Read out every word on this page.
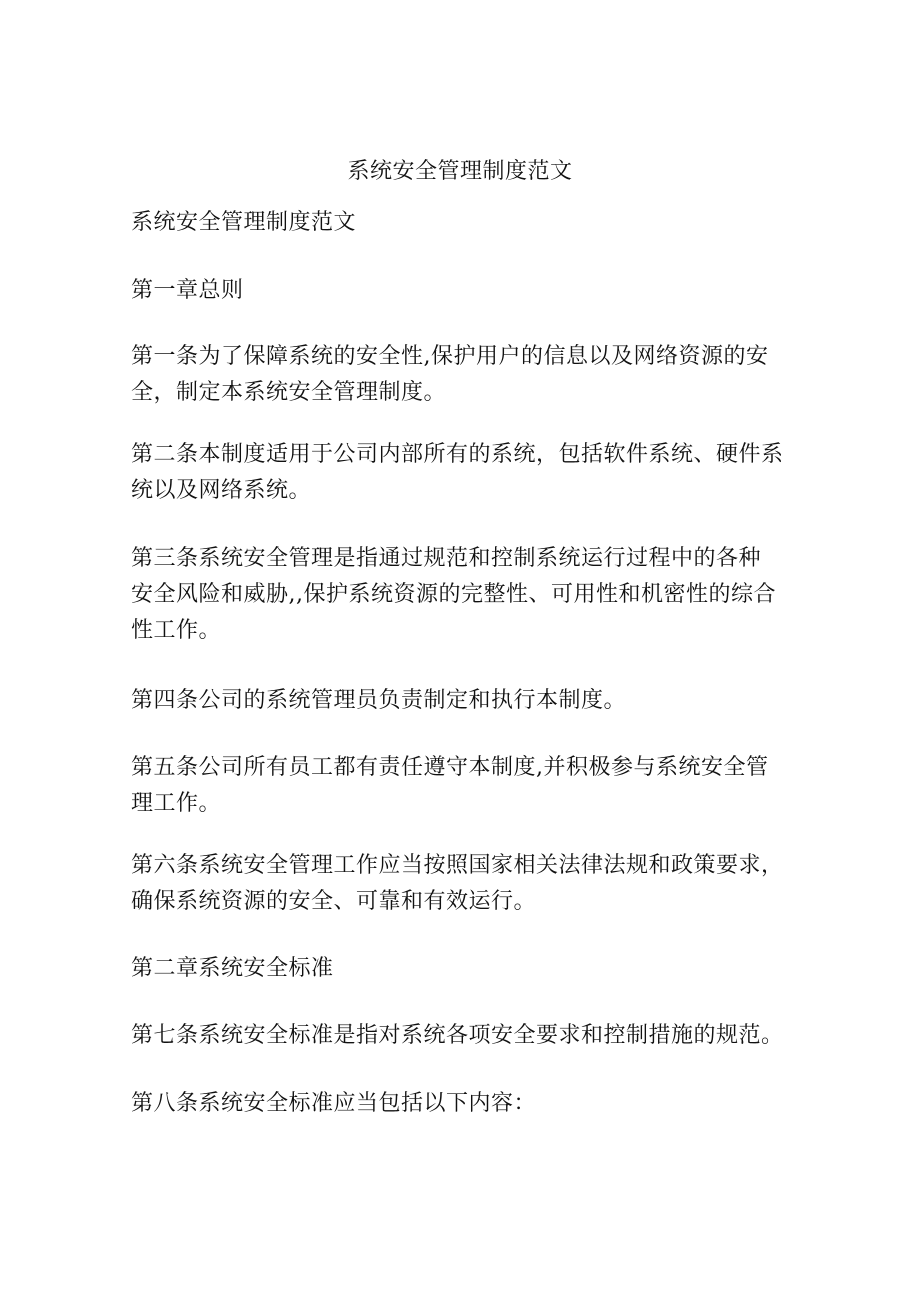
系统安全管理制度范文
系统安全管理制度范文
第一章总则
第一条为了保障系统的安全性,保护用户的信息以及网络资源的安
全，制定本系统安全管理制度。
第二条本制度适用于公司内部所有的系统，包括软件系统、硬件系
统以及网络系统。
第三条系统安全管理是指通过规范和控制系统运行过程中的各种
安全风险和威胁,,保护系统资源的完整性、可用性和机密性的综合
性工作。
第四条公司的系统管理员负责制定和执行本制度。
第五条公司所有员工都有责任遵守本制度,并积极参与系统安全管
理工作。
第六条系统安全管理工作应当按照国家相关法律法规和政策要求，
确保系统资源的安全、可靠和有效运行。
第二章系统安全标准
第七条系统安全标准是指对系统各项安全要求和控制措施的规范。
第八条系统安全标准应当包括以下内容：
